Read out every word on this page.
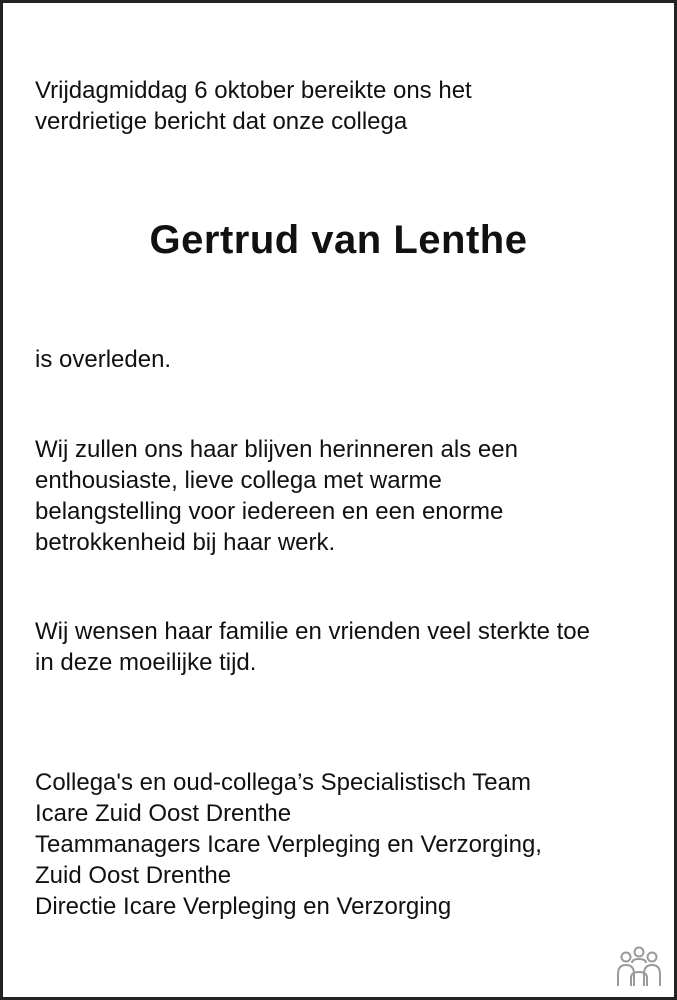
Vrijdagmiddag 6 oktober bereikte ons het
verdrietige bericht dat onze collega
Gertrud van Lenthe
is overleden.
Wij zullen ons haar blijven herinneren als een
enthousiaste, lieve collega met warme
belangstelling voor iedereen en een enorme
betrokkenheid bij haar werk.
Wij wensen haar familie en vrienden veel sterkte toe
in deze moeilijke tijd.
Collega's en oud-collega’s Specialistisch Team
Icare Zuid Oost Drenthe
Teammanagers Icare Verpleging en Verzorging,
Zuid Oost Drenthe
Directie Icare Verpleging en Verzorging
